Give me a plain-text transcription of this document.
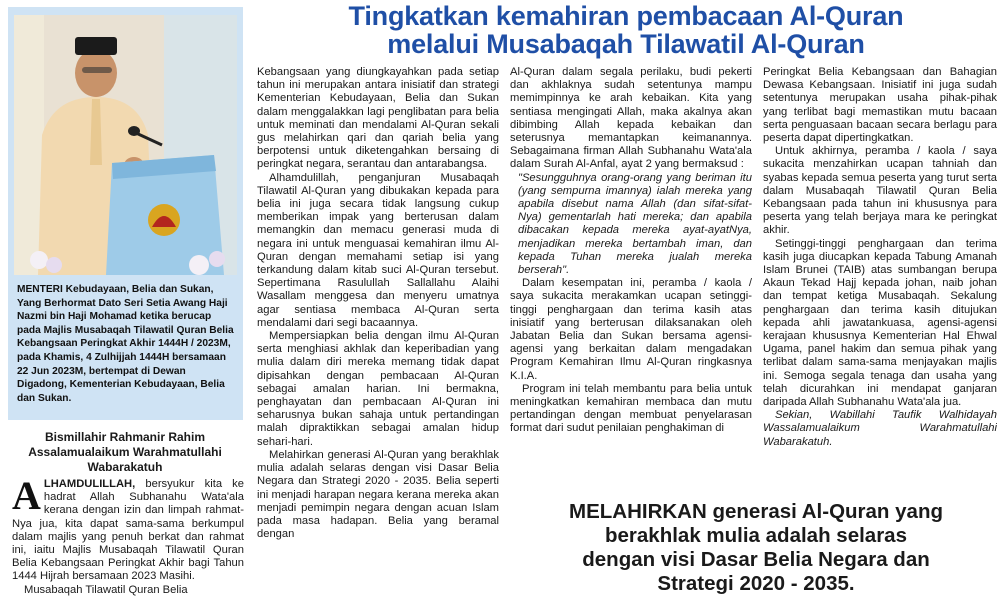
Tingkatkan kemahiran pembacaan Al-Quran
melalui Musabaqah Tilawatil Al-Quran
MENTERI Kebudayaan, Belia dan Sukan, Yang Berhormat Dato Seri Setia Awang Haji Nazmi bin Haji Mohamad ketika berucap pada Majlis Musabaqah Tilawatil Quran Belia Kebangsaan Peringkat Akhir 1444H / 2023M, pada Khamis, 4 Zulhijjah 1444H bersamaan 22 Jun 2023M, bertempat di Dewan Digadong, Kementerian Kebudayaan, Belia dan Sukan.
Bismillahir Rahmanir Rahim
Assalamualaikum Warahmatullahi
Wabarakatuh

ALHAMDULILLAH, bersyukur kita ke hadrat Allah Subhanahu Wata'ala kerana dengan izin dan limpah rahmat-Nya jua, kita dapat sama-sama berkumpul dalam majlis yang penuh berkat dan rahmat ini, iaitu Majlis Musabaqah Tilawatil Quran Belia Kebangsaan Peringkat Akhir bagi Tahun 1444 Hijrah bersamaan 2023 Masihi.

Musabaqah Tilawatil Quran Belia

Kebangsaan yang diungkayahkan pada setiap tahun ini merupakan antara inisiatif dan strategi Kementerian Kebudayaan, Belia dan Sukan dalam menggalakkan lagi penglibatan para belia untuk meminati dan mendalami Al-Quran sekali gus melahirkan qari dan qariah belia yang berpotensi untuk diketengahkan bersaing di peringkat negara, serantau dan antarabangsa.

Alhamdulillah, penganjuran Musabaqah Tilawatil Al-Quran yang dibukakan kepada para belia ini juga secara tidak langsung cukup memberikan impak yang berterusan dalam memangkin dan memacu generasi muda di negara ini untuk menguasai kemahiran ilmu Al-Quran dengan memahami setiap isi yang terkandung dalam kitab suci Al-Quran tersebut. Sepertimana Rasulullah Sallallahu Alaihi Wasallam menggesa dan menyeru umatnya agar sentiasa membaca Al-Quran serta mendalami dari segi bacaannya.

Mempersiapkan belia dengan ilmu Al-Quran serta menghiasi akhlak dan keperibadian yang mulia dalam diri mereka memang tidak dapat dipisahkan dengan pembacaan Al-Quran sebagai amalan harian. Ini bermakna, penghayatan dan pembacaan Al-Quran ini seharusnya bukan sahaja untuk pertandingan malah dipraktikkan sebagai amalan hidup sehari-hari.

Melahirkan generasi Al-Quran yang berakhlak mulia adalah selaras dengan visi Dasar Belia Negara dan Strategi 2020 - 2035. Belia seperti ini menjadi harapan negara kerana mereka akan menjadi pemimpin negara dengan acuan Islam pada masa hadapan. Belia yang beramal dengan

Al-Quran dalam segala perilaku, budi pekerti dan akhlaknya sudah setentunya mampu memimpinnya ke arah kebaikan. Kita yang sentiasa mengingati Allah, maka akalnya akan dibimbing Allah kepada kebaikan dan seterusnya memantapkan keimanannya. Sebagaimana firman Allah Subhanahu Wata'ala dalam Surah Al-Anfal, ayat 2 yang bermaksud :

"Sesungguhnya orang-orang yang beriman itu (yang sempurna imannya) ialah mereka yang apabila disebut nama Allah (dan sifat-sifat-Nya) gementarlah hati mereka; dan apabila dibacakan kepada mereka ayat-ayatNya, menjadikan mereka bertambah iman, dan kepada Tuhan mereka jualah mereka berserah".

Dalam kesempatan ini, peramba / kaola / saya sukacita merakamkan ucapan setinggi-tinggi penghargaan dan terima kasih atas inisiatif yang berterusan dilaksanakan oleh Jabatan Belia dan Sukan bersama agensi-agensi yang berkaitan dalam mengadakan Program Kemahiran Ilmu Al-Quran ringkasnya K.I.A.

Program ini telah membantu para belia untuk meningkatkan kemahiran membaca dan mutu pertandingan dengan membuat penyelarasan format dari sudut penilaian penghakiman di

Peringkat Belia Kebangsaan dan Bahagian Dewasa Kebangsaan. Inisiatif ini juga sudah setentunya merupakan usaha pihak-pihak yang terlibat bagi memastikan mutu bacaan serta penguasaan bacaan secara berlagu para peserta dapat dipertingkatkan.

Untuk akhirnya, peramba / kaola / saya sukacita menzahirkan ucapan tahniah dan syabas kepada semua peserta yang turut serta dalam Musabaqah Tilawatil Quran Belia Kebangsaan pada tahun ini khususnya para peserta yang telah berjaya mara ke peringkat akhir.

Setinggi-tinggi penghargaan dan terima kasih juga diucapkan kepada Tabung Amanah Islam Brunei (TAIB) atas sumbangan berupa Akaun Tekad Hajj kepada johan, naib johan dan tempat ketiga Musabaqah. Sekalung penghargaan dan terima kasih ditujukan kepada ahli jawatankuasa, agensi-agensi kerajaan khususnya Kementerian Hal Ehwal Ugama, panel hakim dan semua pihak yang terlibat dalam sama-sama menjayakan majlis ini. Semoga segala tenaga dan usaha yang telah dicurahkan ini mendapat ganjaran daripada Allah Subhanahu Wata'ala jua.

Sekian, Wabillahi Taufik Walhidayah Wassalamualaikum Warahmatullahi Wabarakatuh.

MELAHIRKAN generasi Al-Quran yang
berakhlak mulia adalah selaras
dengan visi Dasar Belia Negara dan
Strategi 2020 - 2035.
